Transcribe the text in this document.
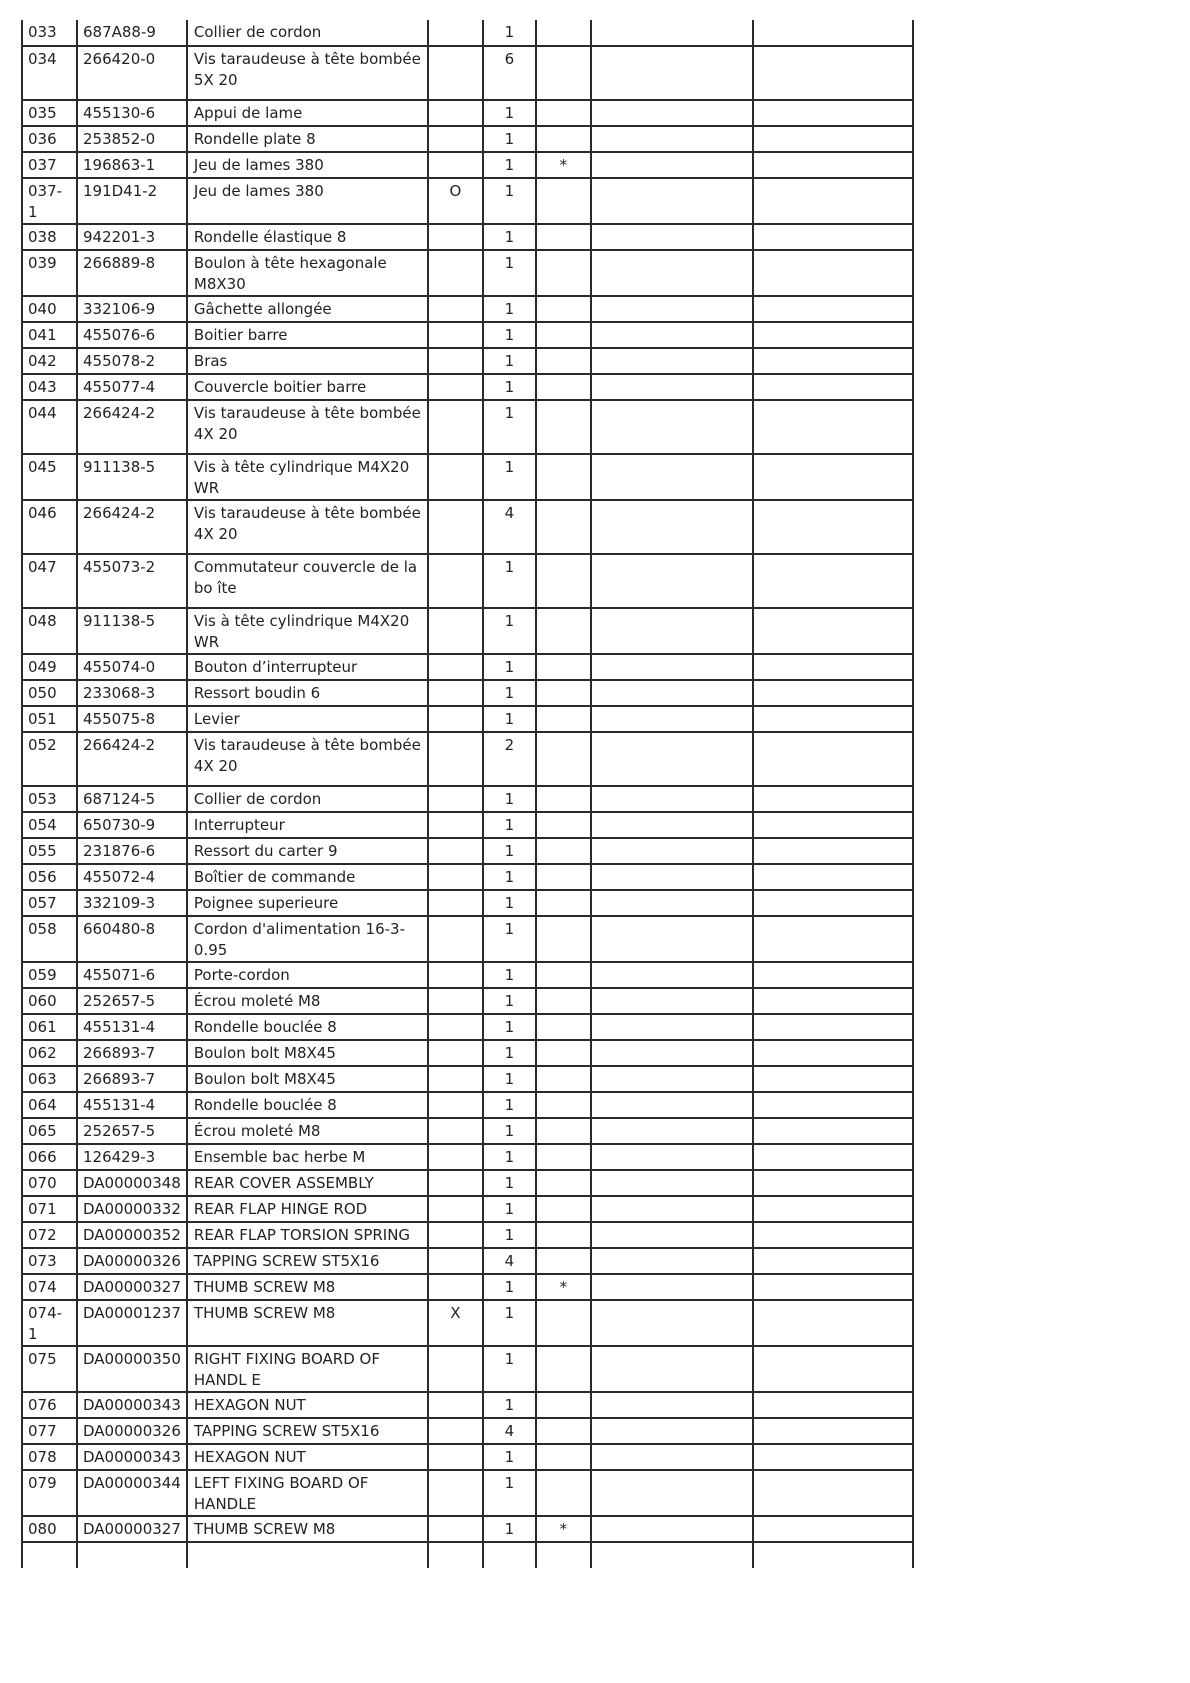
033	687A88-9	Collier de cordon		1			
034	266420-0	Vis taraudeuse à tête bombée 5X 20		6			
035	455130-6	Appui de lame		1			
036	253852-0	Rondelle plate 8		1			
037	196863-1	Jeu de lames 380		1	*		
037-1	191D41-2	Jeu de lames 380	O	1			
038	942201-3	Rondelle élastique 8		1			
039	266889-8	Boulon à tête hexagonale M8X30		1			
040	332106-9	Gâchette allongée		1			
041	455076-6	Boitier barre		1			
042	455078-2	Bras		1			
043	455077-4	Couvercle boitier barre		1			
044	266424-2	Vis taraudeuse à tête bombée 4X 20		1			
045	911138-5	Vis à tête cylindrique M4X20 WR		1			
046	266424-2	Vis taraudeuse à tête bombée 4X 20		4			
047	455073-2	Commutateur couvercle de la bo îte		1			
048	911138-5	Vis à tête cylindrique M4X20 WR		1			
049	455074-0	Bouton d’interrupteur		1			
050	233068-3	Ressort boudin 6		1			
051	455075-8	Levier		1			
052	266424-2	Vis taraudeuse à tête bombée 4X 20		2			
053	687124-5	Collier de cordon		1			
054	650730-9	Interrupteur		1			
055	231876-6	Ressort du carter 9		1			
056	455072-4	Boîtier de commande		1			
057	332109-3	Poignee superieure		1			
058	660480-8	Cordon d'alimentation 16-3-0.95		1			
059	455071-6	Porte-cordon		1			
060	252657-5	Écrou moleté M8		1			
061	455131-4	Rondelle bouclée 8		1			
062	266893-7	Boulon bolt M8X45		1			
063	266893-7	Boulon bolt M8X45		1			
064	455131-4	Rondelle bouclée 8		1			
065	252657-5	Écrou moleté M8		1			
066	126429-3	Ensemble bac herbe M		1			
070	DA00000348	REAR COVER ASSEMBLY		1			
071	DA00000332	REAR FLAP HINGE ROD		1			
072	DA00000352	REAR FLAP TORSION SPRING		1			
073	DA00000326	TAPPING SCREW ST5X16		4			
074	DA00000327	THUMB SCREW M8		1	*		
074-1	DA00001237	THUMB SCREW M8	X	1			
075	DA00000350	RIGHT FIXING BOARD OF HANDL E		1			
076	DA00000343	HEXAGON NUT		1			
077	DA00000326	TAPPING SCREW ST5X16		4			
078	DA00000343	HEXAGON NUT		1			
079	DA00000344	LEFT FIXING BOARD OF HANDLE		1			
080	DA00000327	THUMB SCREW M8		1	*		
